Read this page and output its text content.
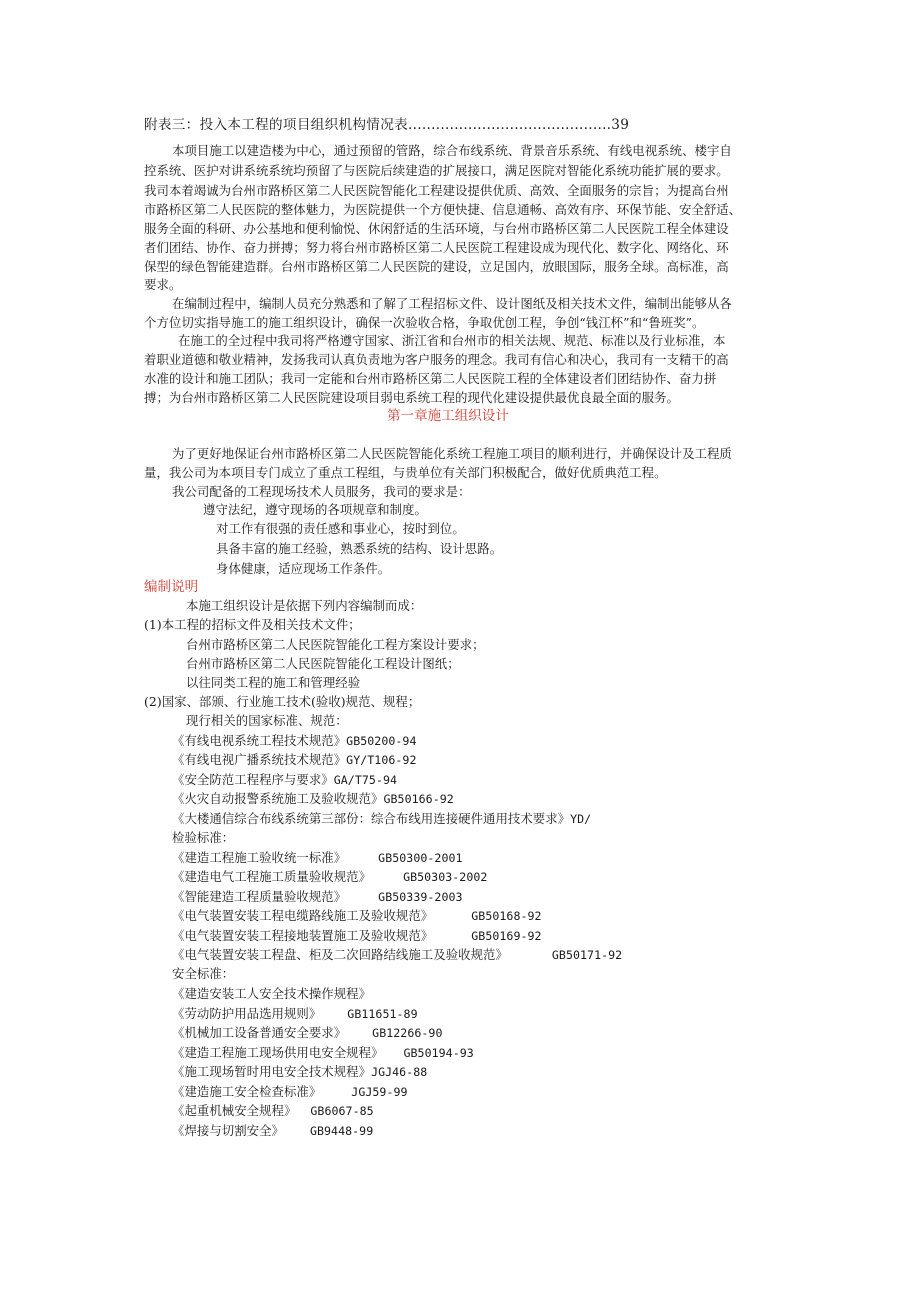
附表三：投入本工程的项目组织机构情况表............................................39
本项目施工以建造楼为中心，通过预留的管路，综合布线系统、背景音乐系统、有线电视系统、楼宇自
控系统、医护对讲系统系统均预留了与医院后续建造的扩展接口，满足医院对智能化系统功能扩展的要求。
我司本着竭诚为台州市路桥区第二人民医院智能化工程建设提供优质、高效、全面服务的宗旨；为提高台州
市路桥区第二人民医院的整体魅力，为医院提供一个方便快捷、信息通畅、高效有序、环保节能、安全舒适、
服务全面的科研、办公基地和便利愉悦、休闲舒适的生活环境，与台州市路桥区第二人民医院工程全体建设
者们团结、协作、奋力拼搏；努力将台州市路桥区第二人民医院工程建设成为现代化、数字化、网络化、环
保型的绿色智能建造群。台州市路桥区第二人民医院的建设，立足国内，放眼国际，服务全球。高标准，高
要求。
在编制过程中，编制人员充分熟悉和了解了工程招标文件、设计图纸及相关技术文件，编制出能够从各
个方位切实指导施工的施工组织设计，确保一次验收合格，争取优创工程，争创“钱江杯”和“鲁班奖”。
在施工的全过程中我司将严格遵守国家、浙江省和台州市的相关法规、规范、标准以及行业标准，本
着职业道德和敬业精神，发扬我司认真负责地为客户服务的理念。我司有信心和决心，我司有一支精干的高
水准的设计和施工团队；我司一定能和台州市路桥区第二人民医院工程的全体建设者们团结协作、奋力拼
搏；为台州市路桥区第二人民医院建设项目弱电系统工程的现代化建设提供最优良最全面的服务。
第一章施工组织设计
为了更好地保证台州市路桥区第二人民医院智能化系统工程施工项目的顺利进行，并确保设计及工程质
量，我公司为本项目专门成立了重点工程组，与贵单位有关部门积极配合，做好优质典范工程。
我公司配备的工程现场技术人员服务，我司的要求是：
遵守法纪，遵守现场的各项规章和制度。
对工作有很强的责任感和事业心，按时到位。
具备丰富的施工经验，熟悉系统的结构、设计思路。
身体健康，适应现场工作条件。
编制说明
本施工组织设计是依据下列内容编制而成：
(1)本工程的招标文件及相关技术文件；
台州市路桥区第二人民医院智能化工程方案设计要求；
台州市路桥区第二人民医院智能化工程设计图纸；
以往同类工程的施工和管理经验
(2)国家、部颁、行业施工技术(验收)规范、规程；
现行相关的国家标准、规范：
《有线电视系统工程技术规范》GB50200-94
《有线电视广播系统技术规范》GY/T106-92
《安全防范工程程序与要求》GA/T75-94
《火灾自动报警系统施工及验收规范》GB50166-92
《大楼通信综合布线系统第三部份：综合布线用连接硬件通用技术要求》YD/
检验标准：
《建造工程施工验收统一标准》	GB50300-2001
《建造电气工程施工质量验收规范》	GB50303-2002
《智能建造工程质量验收规范》	GB50339-2003
《电气装置安装工程电缆路线施工及验收规范》	GB50168-92
《电气装置安装工程接地装置施工及验收规范》	GB50169-92
《电气装置安装工程盘、柜及二次回路结线施工及验收规范》	GB50171-92
安全标准：
《建造安装工人安全技术操作规程》
《劳动防护用品选用规则》 GB11651-89
《机械加工设备普通安全要求》 GB12266-90
《建造工程施工现场供用电安全规程》 GB50194-93
《施工现场暂时用电安全技术规程》JGJ46-88
《建造施工安全检查标准》	JGJ59-99
《起重机械安全规程》 GB6067-85
《焊接与切割安全》 GB9448-99
